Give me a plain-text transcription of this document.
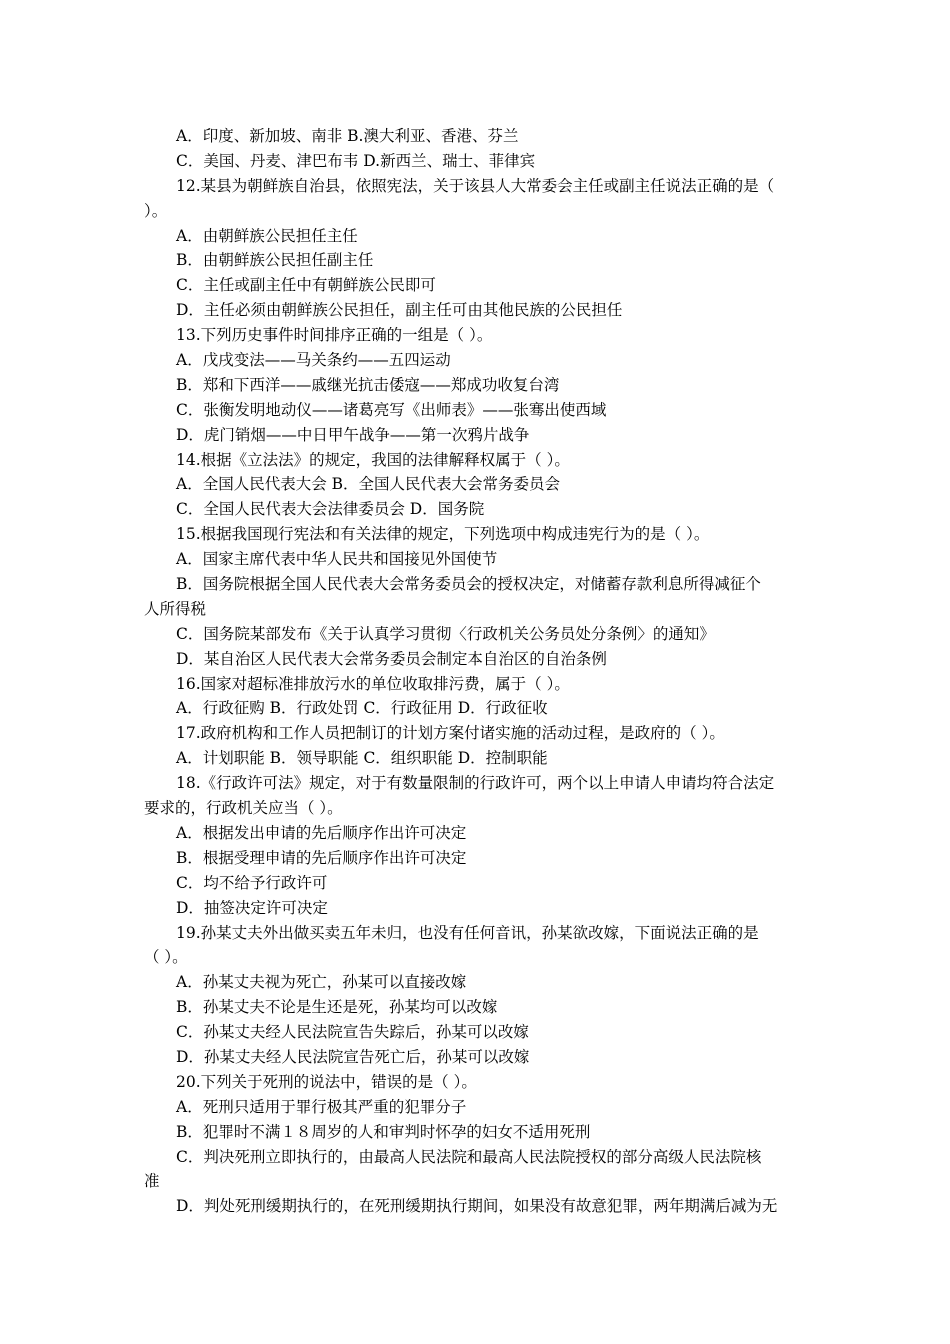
A．印度、新加坡、南非 B.澳大利亚、香港、芬兰
C．美国、丹麦、津巴布韦 D.新西兰、瑞士、菲律宾
12.某县为朝鲜族自治县，依照宪法，关于该县人大常委会主任或副主任说法正确的是（
）。
A．由朝鲜族公民担任主任
B．由朝鲜族公民担任副主任
C．主任或副主任中有朝鲜族公民即可
D．主任必须由朝鲜族公民担任，副主任可由其他民族的公民担任
13.下列历史事件时间排序正确的一组是（ ）。
A．戊戌变法——马关条约——五四运动
B．郑和下西洋——戚继光抗击倭寇——郑成功收复台湾
C．张衡发明地动仪——诸葛亮写《出师表》——张骞出使西域
D．虎门销烟——中日甲午战争——第一次鸦片战争
14.根据《立法法》的规定，我国的法律解释权属于（ ）。
A．全国人民代表大会 B．全国人民代表大会常务委员会
C．全国人民代表大会法律委员会 D．国务院
15.根据我国现行宪法和有关法律的规定，下列选项中构成违宪行为的是（ ）。
A．国家主席代表中华人民共和国接见外国使节
B．国务院根据全国人民代表大会常务委员会的授权决定，对储蓄存款利息所得减征个
人所得税
C．国务院某部发布《关于认真学习贯彻〈行政机关公务员处分条例〉的通知》
D．某自治区人民代表大会常务委员会制定本自治区的自治条例
16.国家对超标准排放污水的单位收取排污费，属于（ ）。
A．行政征购 B．行政处罚 C．行政征用 D．行政征收
17.政府机构和工作人员把制订的计划方案付诸实施的活动过程，是政府的（ ）。
A．计划职能 B．领导职能 C．组织职能 D．控制职能
18.《行政许可法》规定，对于有数量限制的行政许可，两个以上申请人申请均符合法定
要求的，行政机关应当（ ）。
A．根据发出申请的先后顺序作出许可决定
B．根据受理申请的先后顺序作出许可决定
C．均不给予行政许可
D．抽签决定许可决定
19.孙某丈夫外出做买卖五年未归，也没有任何音讯，孙某欲改嫁，下面说法正确的是
（ ）。
A．孙某丈夫视为死亡，孙某可以直接改嫁
B．孙某丈夫不论是生还是死，孙某均可以改嫁
C．孙某丈夫经人民法院宣告失踪后，孙某可以改嫁
D．孙某丈夫经人民法院宣告死亡后，孙某可以改嫁
20.下列关于死刑的说法中，错误的是（ ）。
A．死刑只适用于罪行极其严重的犯罪分子
B．犯罪时不满１８周岁的人和审判时怀孕的妇女不适用死刑
C．判决死刑立即执行的，由最高人民法院和最高人民法院授权的部分高级人民法院核
准
D．判处死刑缓期执行的，在死刑缓期执行期间，如果没有故意犯罪，两年期满后减为无
